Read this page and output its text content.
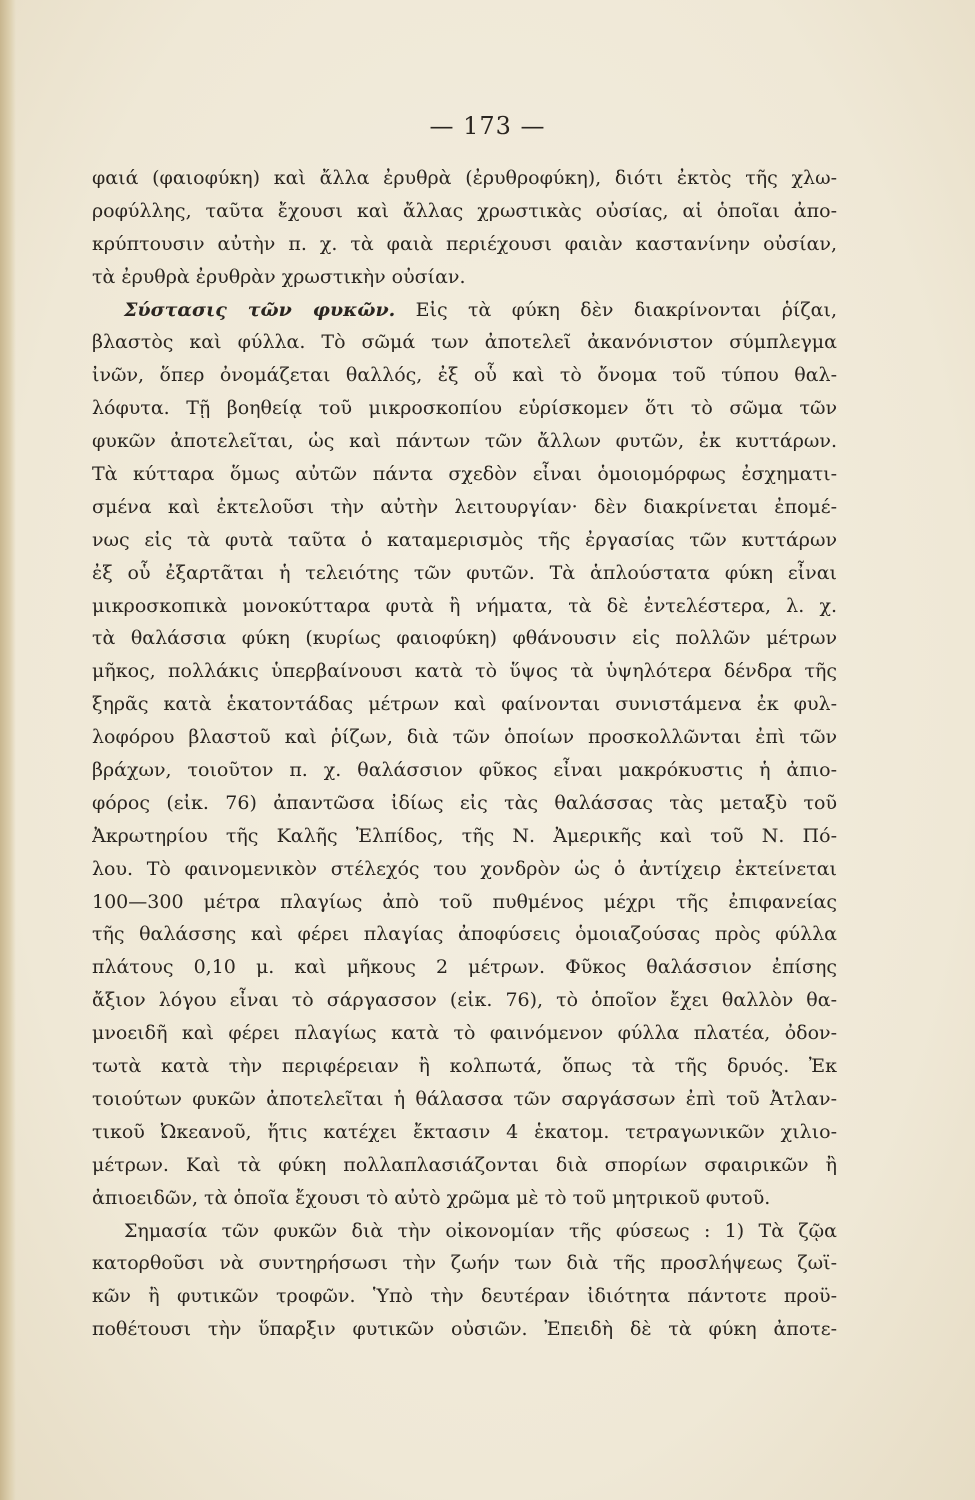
— 173 —
φαιά (φαιοφύκη) καὶ ἄλλα ἐρυθρὰ (ἐρυθροφύκη), διότι ἐκτὸς τῆς χλω-
ροφύλλης, ταῦτα ἔχουσι καὶ ἄλλας χρωστικὰς οὐσίας, αἱ ὁποῖαι ἀπο-
κρύπτουσιν αὐτὴν π. χ. τὰ φαιὰ περιέχουσι φαιὰν καστανίνην οὐσίαν,
τὰ ἐρυθρὰ ἐρυθρὰν χρωστικὴν οὐσίαν.
Σύστασις τῶν φυκῶν. Εἰς τὰ φύκη δὲν διακρίνονται ῥίζαι,
βλαστὸς καὶ φύλλα. Τὸ σῶμά των ἀποτελεῖ ἀκανόνιστον σύμπλεγμα
ἰνῶν, ὅπερ ὀνομάζεται θαλλός, ἐξ οὗ καὶ τὸ ὄνομα τοῦ τύπου θαλ-
λόφυτα. Τῇ βοηθείᾳ τοῦ μικροσκοπίου εὑρίσκομεν ὅτι τὸ σῶμα τῶν
φυκῶν ἀποτελεῖται, ὡς καὶ πάντων τῶν ἄλλων φυτῶν, ἐκ κυττάρων.
Τὰ κύτταρα ὅμως αὐτῶν πάντα σχεδὸν εἶναι ὁμοιομόρφως ἐσχηματι-
σμένα καὶ ἐκτελοῦσι τὴν αὐτὴν λειτουργίαν· δὲν διακρίνεται ἐπομέ-
νως εἰς τὰ φυτὰ ταῦτα ὁ καταμερισμὸς τῆς ἐργασίας τῶν κυττάρων
ἐξ οὗ ἐξαρτᾶται ἡ τελειότης τῶν φυτῶν. Τὰ ἁπλούστατα φύκη εἶναι
μικροσκοπικὰ μονοκύτταρα φυτὰ ἢ νήματα, τὰ δὲ ἐντελέστερα, λ. χ.
τὰ θαλάσσια φύκη (κυρίως φαιοφύκη) φθάνουσιν εἰς πολλῶν μέτρων
μῆκος, πολλάκις ὑπερβαίνουσι κατὰ τὸ ὕψος τὰ ὑψηλότερα δένδρα τῆς
ξηρᾶς κατὰ ἑκατοντάδας μέτρων καὶ φαίνονται συνιστάμενα ἐκ φυλ-
λοφόρου βλαστοῦ καὶ ῥίζων, διὰ τῶν ὁποίων προσκολλῶνται ἐπὶ τῶν
βράχων, τοιοῦτον π. χ. θαλάσσιον φῦκος εἶναι μακρόκυστις ἡ ἀπιο-
φόρος (εἰκ. 76) ἀπαντῶσα ἰδίως εἰς τὰς θαλάσσας τὰς μεταξὺ τοῦ
Ἀκρωτηρίου τῆς Καλῆς Ἐλπίδος, τῆς Ν. Ἀμερικῆς καὶ τοῦ Ν. Πό-
λου. Τὸ φαινομενικὸν στέλεχός του χονδρὸν ὡς ὁ ἀντίχειρ ἐκτείνεται
100—300 μέτρα πλαγίως ἀπὸ τοῦ πυθμένος μέχρι τῆς ἐπιφανείας
τῆς θαλάσσης καὶ φέρει πλαγίας ἀποφύσεις ὁμοιαζούσας πρὸς φύλλα
πλάτους 0,10 μ. καὶ μῆκους 2 μέτρων. Φῦκος θαλάσσιον ἐπίσης
ἄξιον λόγου εἶναι τὸ σάργασσον (εἰκ. 76), τὸ ὁποῖον ἔχει θαλλὸν θα-
μνοειδῆ καὶ φέρει πλαγίως κατὰ τὸ φαινόμενον φύλλα πλατέα, ὀδον-
τωτὰ κατὰ τὴν περιφέρειαν ἢ κολπωτά, ὅπως τὰ τῆς δρυός. Ἐκ
τοιούτων φυκῶν ἀποτελεῖται ἡ θάλασσα τῶν σαργάσσων ἐπὶ τοῦ Ἀτλαν-
τικοῦ Ὠκεανοῦ, ἥτις κατέχει ἔκτασιν 4 ἑκατομ. τετραγωνικῶν χιλιο-
μέτρων. Καὶ τὰ φύκη πολλαπλασιάζονται διὰ σπορίων σφαιρικῶν ἢ
ἀπιοειδῶν, τὰ ὁποῖα ἔχουσι τὸ αὐτὸ χρῶμα μὲ τὸ τοῦ μητρικοῦ φυτοῦ.
Σημασία τῶν φυκῶν διὰ τὴν οἰκονομίαν τῆς φύσεως : 1) Τὰ ζῷα
κατορθοῦσι νὰ συντηρήσωσι τὴν ζωήν των διὰ τῆς προσλήψεως ζωϊ-
κῶν ἢ φυτικῶν τροφῶν. Ὑπὸ τὴν δευτέραν ἰδιότητα πάντοτε προϋ-
ποθέτουσι τὴν ὕπαρξιν φυτικῶν οὐσιῶν. Ἐπειδὴ δὲ τὰ φύκη ἀποτε-
